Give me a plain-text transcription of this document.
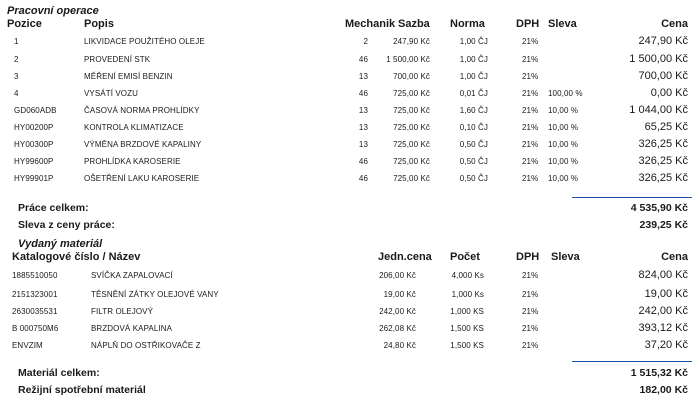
Pracovní operace
Pozice	Popis	Mechanik Sazba Norma	DPH Sleva	Cena
1	LIKVIDACE POUŽITÉHO OLEJE	2	247,90 Kč	1,00 ČJ	21%	247,90 Kč
2	PROVEDENÍ STK	46 1 500,00 Kč	1,00 ČJ	21%	1 500,00 Kč
3	MĚŘENÍ EMISÍ BENZIN	13	700,00 Kč	1,00 ČJ	21%	700,00 Kč
4	VYSÁTÍ VOZU	46	725,00 Kč	0,01 ČJ	21% 100,00 %	0,00 Kč
GD060ADB	ČASOVÁ NORMA PROHLÍDKY	13	725,00 Kč	1,60 ČJ	21% 10,00 %	1 044,00 Kč
HY00200P	KONTROLA KLIMATIZACE	13	725,00 Kč	0,10 ČJ	21% 10,00 %	65,25 Kč
HY00300P	VÝMĚNA BRZDOVÉ KAPALINY	13	725,00 Kč	0,50 ČJ	21% 10,00 %	326,25 Kč
HY99600P	PROHLÍDKA KAROSERIE	46	725,00 Kč	0,50 ČJ	21% 10,00 %	326,25 Kč
HY99901P	OŠETŘENÍ LAKU KAROSERIE	46	725,00 Kč	0,50 ČJ	21% 10,00 %	326,25 Kč
Práce celkem:	4 535,90 Kč
Sleva z ceny práce:	239,25 Kč
Vydaný materiál
Katalogové číslo / Název	Jedn.cena Počet	DPH Sleva	Cena
1885510050	SVÍČKA ZAPALOVACÍ	206,00 Kč	4,000 Ks	21%	824,00 Kč
2151323001	TĚSNĚNÍ ZÁTKY OLEJOVÉ VANY	19,00 Kč	1,000 Ks	21%	19,00 Kč
2630035531	FILTR OLEJOVÝ	242,00 Kč	1,000 KS	21%	242,00 Kč
B 000750M6	BRZDOVÁ KAPALINA	262,08 Kč	1,500 KS	21%	393,12 Kč
ENVZIM	NÁPLŇ DO OSTŘIKOVAČE Z	24,80 Kč	1,500 KS	21%	37,20 Kč
Materiál celkem:	1 515,32 Kč
Režijní spotřební materiál	182,00 Kč
